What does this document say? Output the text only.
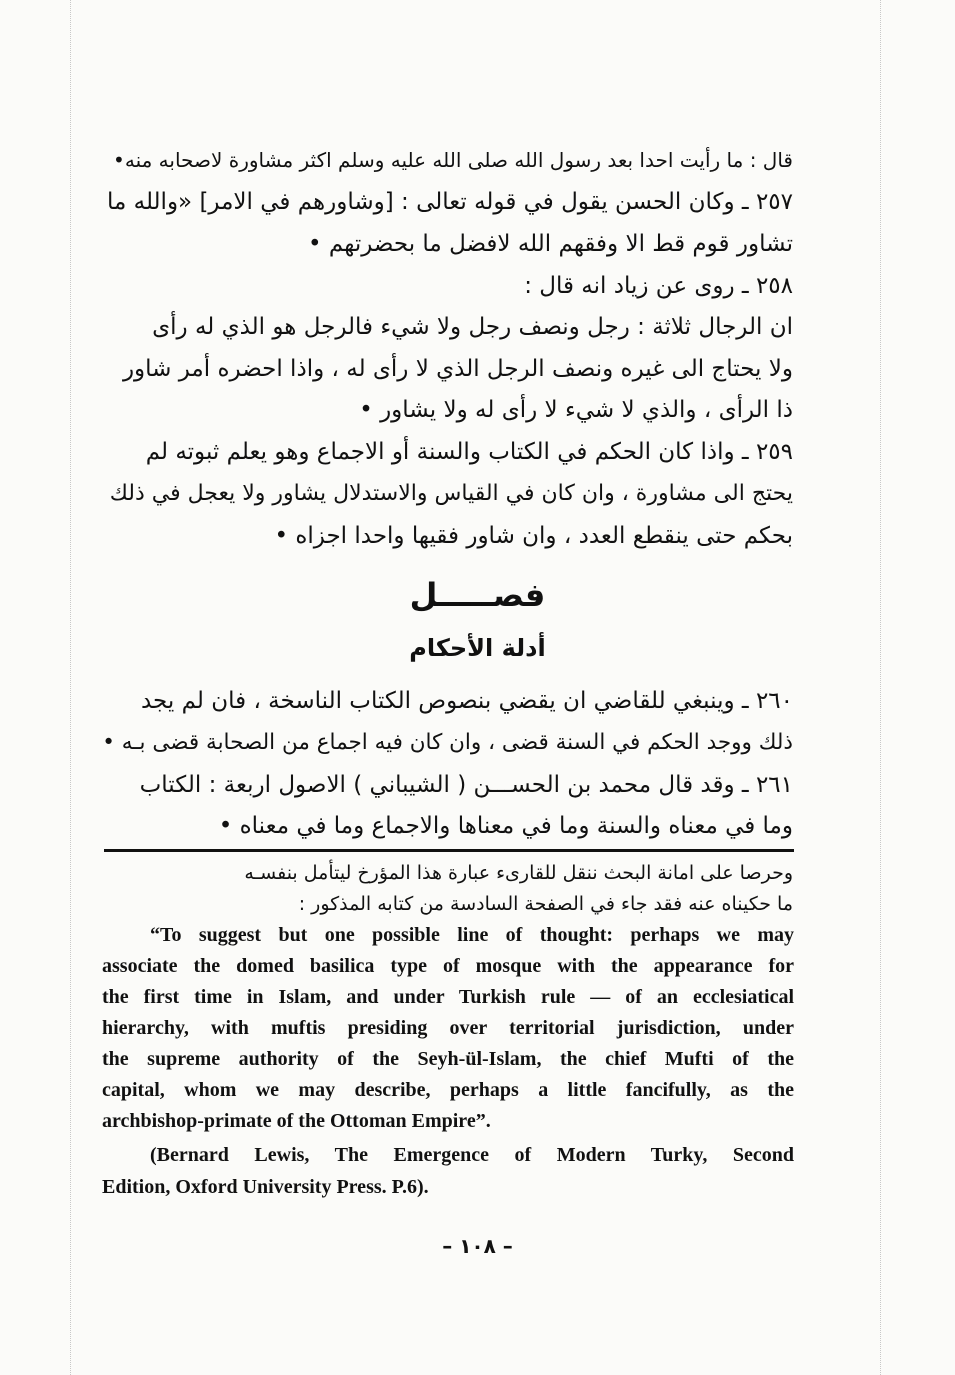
قال : ما رأيت احدا بعد رسول الله صلى الله عليه وسلم اكثر مشاورة لاصحابه منه•
٢٥٧ ـ وكان الحسن يقول في قوله تعالى : [وشاورهم في الامر] «والله ما
تشاور قوم قط الا وفقهم الله لافضل ما بحضرتهم •
٢٥٨ ـ روى عن زياد انه قال :
ان الرجال ثلاثة : رجل ونصف رجل ولا شيء فالرجل هو الذي له رأى
ولا يحتاج الى غيره ونصف الرجل الذي لا رأى له ، واذا احضره أمر شاور
ذا الرأى ، والذي لا شيء لا رأى له ولا يشاور •
٢٥٩ ـ واذا كان الحكم في الكتاب والسنة أو الاجماع وهو يعلم ثبوته لم
يحتج الى مشاورة ، وان كان في القياس والاستدلال يشاور ولا يعجل في ذلك
بحكم حتى ينقطع العدد ، وان شاور فقيها واحدا اجزاه •
فصـــــل
أدلة الأحكام
٢٦٠ ـ وينبغي للقاضي ان يقضي بنصوص الكتاب الناسخة ، فان لم يجد
ذلك ووجد الحكم في السنة قضى ، وان كان فيه اجماع من الصحابة قضى بـه •
٢٦١ ـ وقد قال محمد بن الحســـن ( الشيباني ) الاصول اربعة : الكتاب
وما في معناه والسنة وما في معناها والاجماع وما في معناه •
وحرصا على امانة البحث ننقل للقارىء عبارة هذا المؤرخ ليتأمل بنفسـه
ما حكيناه عنه فقد جاء في الصفحة السادسة من كتابه المذكور :
“To suggest but one possible line of thought: perhaps we may
associate the domed basilica type of mosque with the appearance for
the first time in Islam, and under Turkish rule — of an ecclesiatical
hierarchy, with muftis presiding over territorial jurisdiction, under
the supreme authority of the Seyh-ül-Islam, the chief Mufti of the
capital, whom we may describe, perhaps a little fancifully, as the
archbishop-primate of the Ottoman Empire”.
(Bernard Lewis, The Emergence of Modern Turky, Second
Edition, Oxford University Press. P.6).
– ١٠٨ –
